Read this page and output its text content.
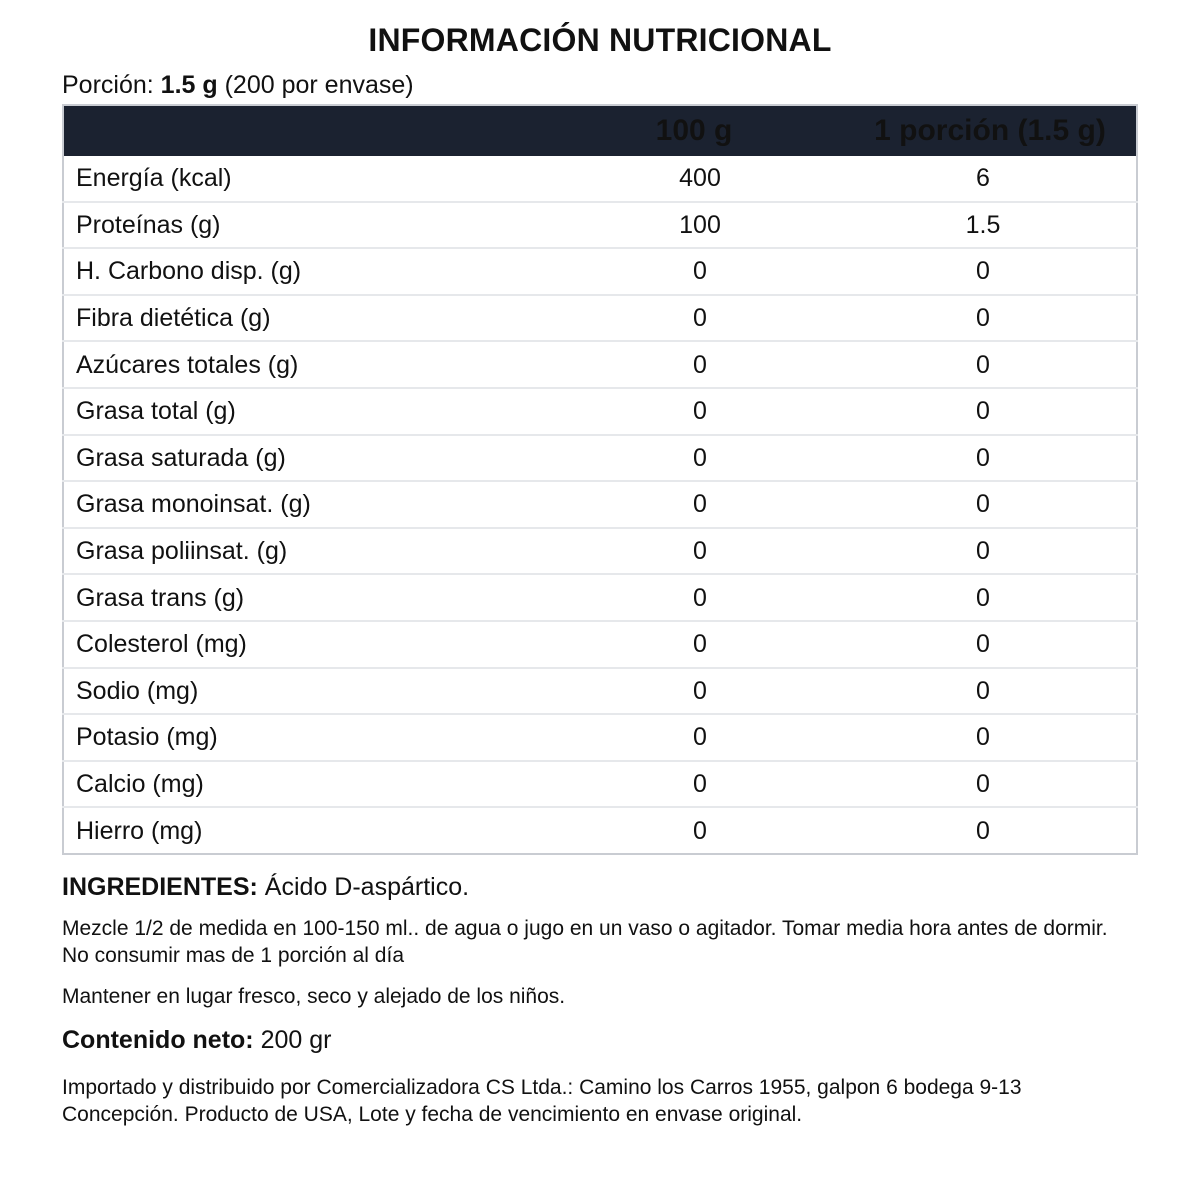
INFORMACIÓN NUTRICIONAL
Porción: 1.5 g (200 por envase)
	100 g	1 porción (1.5 g)
Energía (kcal)	400	6
Proteínas (g)	100	1.5
H. Carbono disp. (g)	0	0
Fibra dietética (g)	0	0
Azúcares totales (g)	0	0
Grasa total (g)	0	0
Grasa saturada (g)	0	0
Grasa monoinsat. (g)	0	0
Grasa poliinsat. (g)	0	0
Grasa trans (g)	0	0
Colesterol (mg)	0	0
Sodio (mg)	0	0
Potasio (mg)	0	0
Calcio (mg)	0	0
Hierro (mg)	0	0
INGREDIENTES: Ácido D-aspártico.
Mezcle 1/2 de medida en 100-150 ml.. de agua o jugo en un vaso o agitador. Tomar media hora antes de dormir. No consumir mas de 1 porción al día
Mantener en lugar fresco, seco y alejado de los niños.
Contenido neto: 200 gr
Importado y distribuido por Comercializadora CS Ltda.: Camino los Carros 1955, galpon 6 bodega 9-13 Concepción. Producto de USA, Lote y fecha de vencimiento en envase original.
